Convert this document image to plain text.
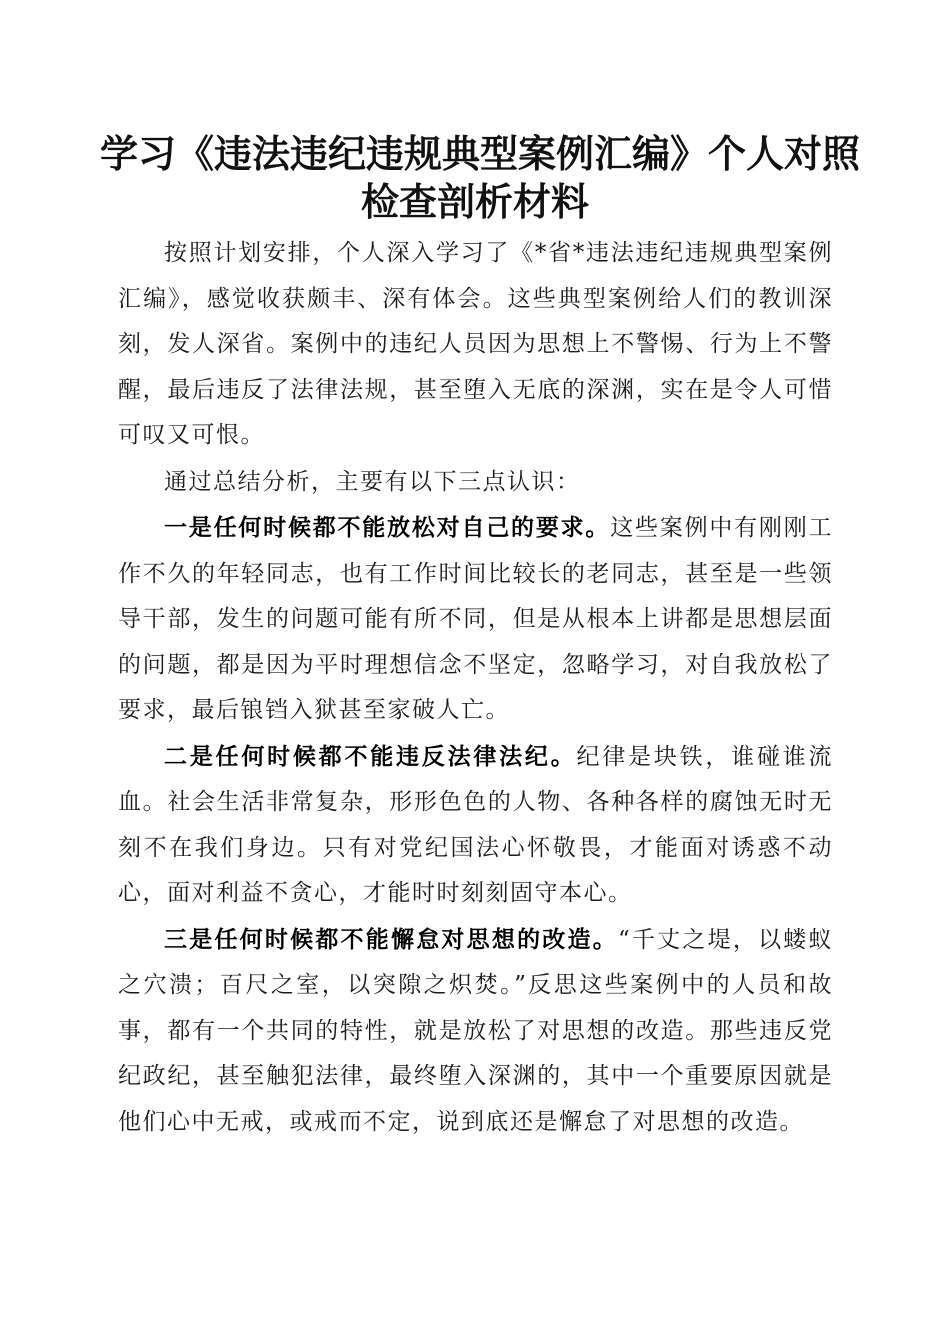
学习《违法违纪违规典型案例汇编》个人对照
检查剖析材料

按照计划安排，个人深入学习了《*省*违法违纪违规典型案例汇编》，感觉收获颇丰、深有体会。这些典型案例给人们的教训深刻，发人深省。案例中的违纪人员因为思想上不警惕、行为上不警醒，最后违反了法律法规，甚至堕入无底的深渊，实在是令人可惜可叹又可恨。

通过总结分析，主要有以下三点认识：

一是任何时候都不能放松对自己的要求。这些案例中有刚刚工作不久的年轻同志，也有工作时间比较长的老同志，甚至是一些领导干部，发生的问题可能有所不同，但是从根本上讲都是思想层面的问题，都是因为平时理想信念不坚定，忽略学习，对自我放松了要求，最后锒铛入狱甚至家破人亡。

二是任何时候都不能违反法律法纪。纪律是块铁，谁碰谁流血。社会生活非常复杂，形形色色的人物、各种各样的腐蚀无时无刻不在我们身边。只有对党纪国法心怀敬畏，才能面对诱惑不动心，面对利益不贪心，才能时时刻刻固守本心。

三是任何时候都不能懈怠对思想的改造。“千丈之堤，以蝼蚁之穴溃；百尺之室，以突隙之炽焚。”反思这些案例中的人员和故事，都有一个共同的特性，就是放松了对思想的改造。那些违反党纪政纪，甚至触犯法律，最终堕入深渊的，其中一个重要原因就是他们心中无戒，或戒而不定，说到底还是懈怠了对思想的改造。
